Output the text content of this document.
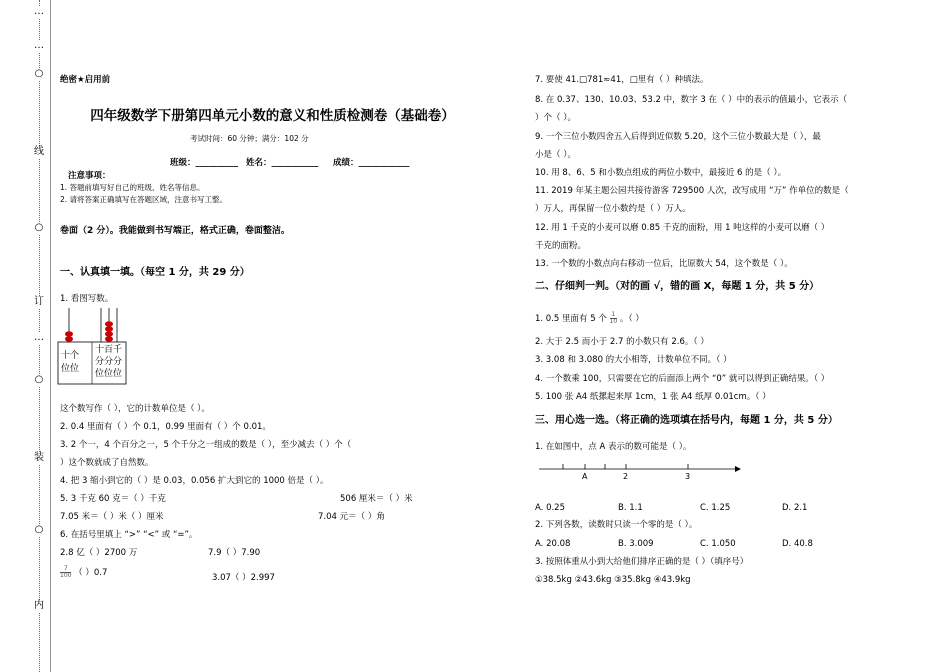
…
…
○
线
○
订
…
○
装
○
内
绝密★启用前
四年级数学下册第四单元小数的意义和性质检测卷（基础卷）
考试时间：60 分钟；满分：102 分
班级：__________ 姓名：___________ 成绩：____________
注意事项：
1. 答题前填写好自己的班级、姓名等信息。
2. 请将答案正确填写在答题区域，注意书写工整。
卷面（2 分）。我能做到书写端正，格式正确，卷面整洁。
一、认真填一填。（每空 1 分，共 29 分）
1. 看图写数。
十个
位位
十百千
分分分
位位位
这个数写作（ ），它的计数单位是（ ）。
2. 0.4 里面有（ ）个 0.1，0.99 里面有（ ）个 0.01。
3. 2 个一，4 个百分之一，5 个千分之一组成的数是（ ），至少减去（ ）个（
）这个数就成了自然数。
4. 把 3 缩小到它的（ ）是 0.03，0.056 扩大到它的 1000 倍是（ ）。
5. 3 千克 60 克＝（ ）千克	506 厘米＝（ ）米
7.05 米＝（ ）米（ ）厘米	7.04 元＝（ ）角
6. 在括号里填上 “>” “<” 或 “=”。
2.8 亿（ ）2700 万	7.9（ ）7.90
$\frac{7}{100}$ （ ）0.7	3.07（ ）2.997
7. 要使 41.□781≈41，□里有（ ）种填法。
8. 在 0.37、130、10.03、53.2 中，数字 3 在（ ）中的表示的值最小，它表示（
）个（ ）。
9. 一个三位小数四舍五入后得到近似数 5.20，这个三位小数最大是（ ），最
小是（ ）。
10. 用 8、6、5 和小数点组成的两位小数中，最接近 6 的是（ ）。
11. 2019 年某主题公园共接待游客 729500 人次，改写成用 “万” 作单位的数是（
）万人，再保留一位小数约是（ ）万人。
12. 用 1 千克的小麦可以磨 0.85 千克的面粉，用 1 吨这样的小麦可以磨（ ）
千克的面粉。
13. 一个数的小数点向右移动一位后，比原数大 54，这个数是（ ）。
二、仔细判一判。（对的画 √，错的画 X，每题 1 分，共 5 分）
1. 0.5 里面有 5 个 $\frac{1}{10}$ 。（ ）
2. 大于 2.5 而小于 2.7 的小数只有 2.6。（ ）
3. 3.08 和 3.080 的大小相等，计数单位不同。（ ）
4. 一个数乘 100，只需要在它的后面添上两个 “0” 就可以得到正确结果。（ ）
5. 100 张 A4 纸摞起来厚 1cm，1 张 A4 纸厚 0.01cm。（ ）
三、用心选一选。（将正确的选项填在括号内，每题 1 分，共 5 分）
1. 在如图中，点 A 表示的数可能是（ ）。
A	2	3
A. 0.25	B. 1.1	C. 1.25	D. 2.1
2. 下列各数，读数时只读一个零的是（ ）。
A. 20.08	B. 3.009	C. 1.050	D. 40.8
3. 按照体重从小到大给他们排序正确的是（ ）（填序号）
①38.5kg ②43.6kg ③35.8kg ④43.9kg
